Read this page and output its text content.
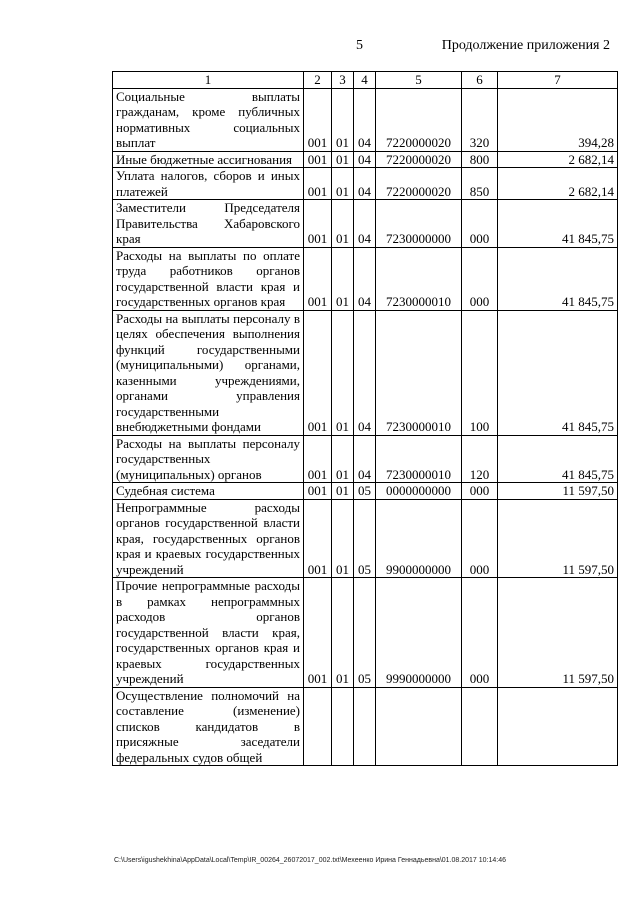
5	Продолжение приложения 2
1	2	3	4	5	6	7
Социальные выплаты гражданам, кроме публичных нормативных социальных выплат	001	01	04	7220000020	320	394,28
Иные бюджетные ассигнования	001	01	04	7220000020	800	2 682,14
Уплата налогов, сборов и иных платежей	001	01	04	7220000020	850	2 682,14
Заместители Председателя Правительства Хабаровского края	001	01	04	7230000000	000	41 845,75
Расходы на выплаты по оплате труда работников органов государственной власти края и государственных органов края	001	01	04	7230000010	000	41 845,75
Расходы на выплаты персоналу в целях обеспечения выполнения функций государственными (муниципальными) органами, казенными учреждениями, органами управления государственными внебюджетными фондами	001	01	04	7230000010	100	41 845,75
Расходы на выплаты персоналу государственных (муниципальных) органов	001	01	04	7230000010	120	41 845,75
Судебная система	001	01	05	0000000000	000	11 597,50
Непрограммные расходы органов государственной власти края, государственных органов края и краевых государственных учреждений	001	01	05	9900000000	000	11 597,50
Прочие непрограммные расходы в рамках непрограммных расходов органов государственной власти края, государственных органов края и краевых государственных учреждений	001	01	05	9990000000	000	11 597,50
Осуществление полномочий на составление (изменение) списков кандидатов в присяжные заседатели федеральных судов общей						
C:\Users\igushekhina\AppData\Local\Temp\IR_00264_26072017_002.txt\Мехеенко Ирина Геннадьевна\01.08.2017 10:14:46
